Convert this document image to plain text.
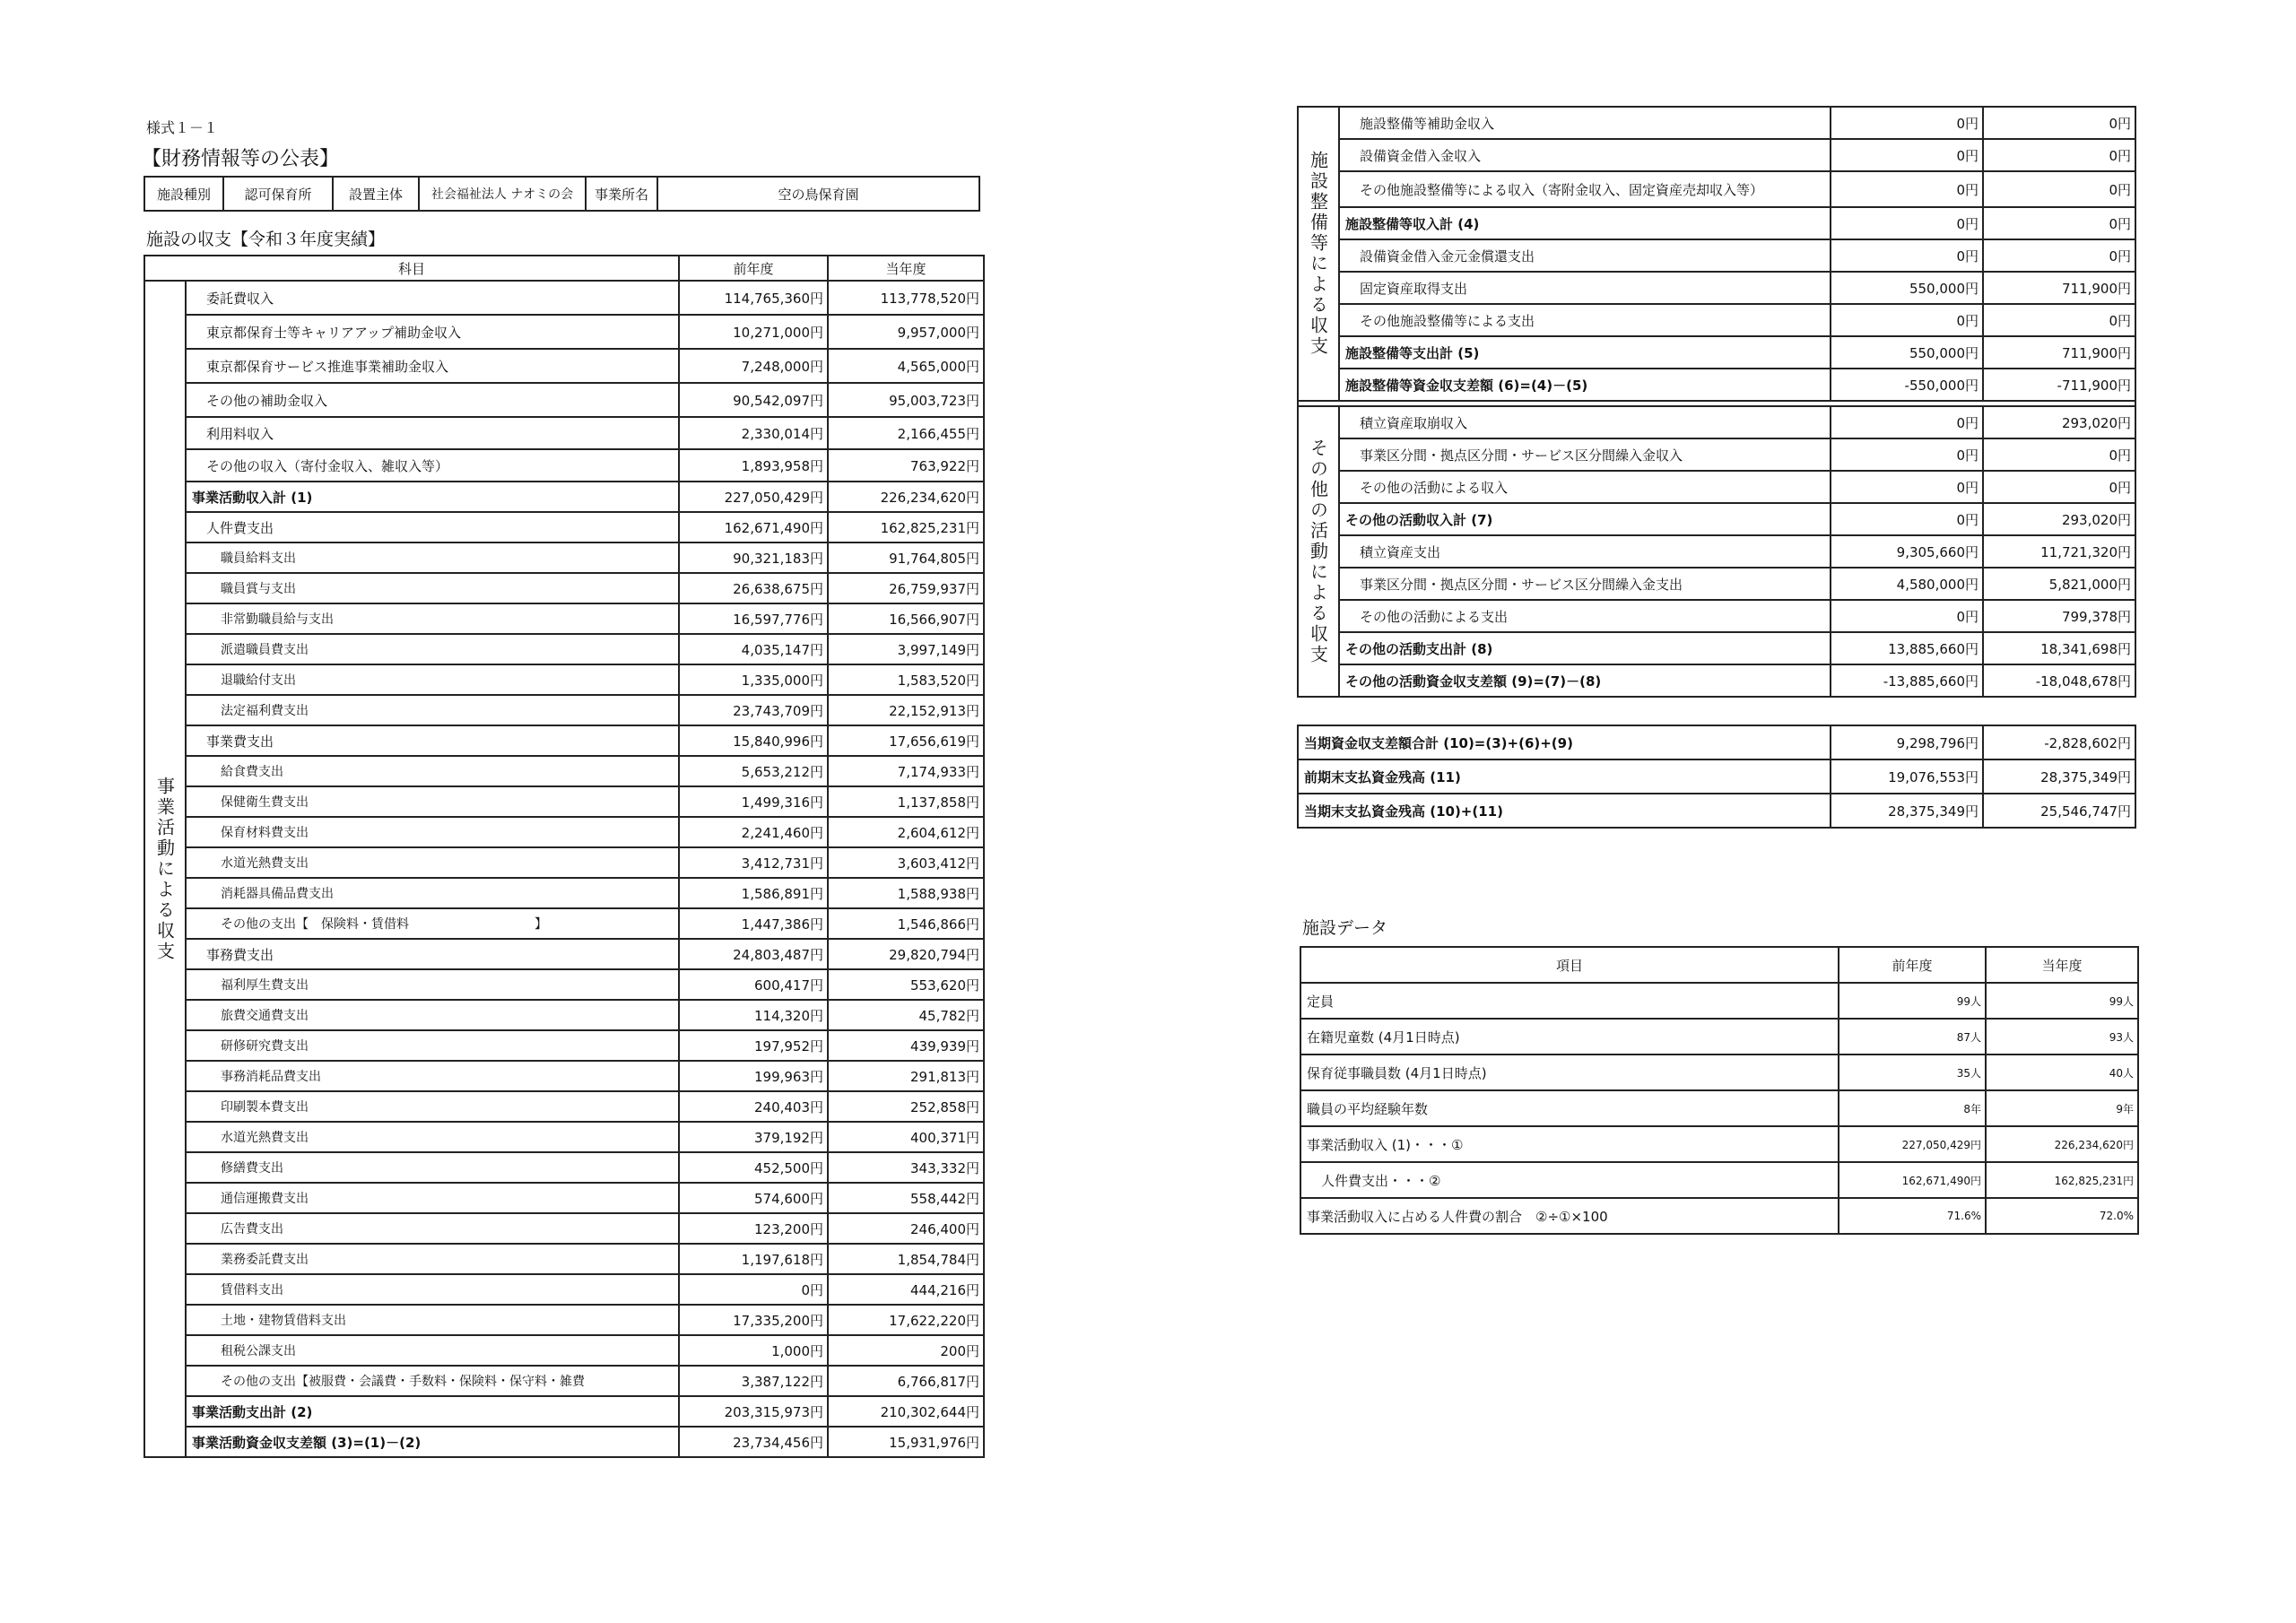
様式１－１
【財務情報等の公表】
施設種別	認可保育所	設置主体	社会福祉法人 ナオミの会	事業所名	空の鳥保育園
施設の収支【令和３年度実績】
科目		前年度	当年度
事業活動による収支	委託費収入	114,765,360円	113,778,520円
	東京都保育士等キャリアアップ補助金収入	10,271,000円	9,957,000円
	東京都保育サービス推進事業補助金収入	7,248,000円	4,565,000円
	その他の補助金収入	90,542,097円	95,003,723円
	利用料収入	2,330,014円	2,166,455円
	その他の収入（寄付金収入、雑収入等）	1,893,958円	763,922円
	事業活動収入計 (1)	227,050,429円	226,234,620円
	人件費支出	162,671,490円	162,825,231円
	職員給料支出	90,321,183円	91,764,805円
	職員賞与支出	26,638,675円	26,759,937円
	非常勤職員給与支出	16,597,776円	16,566,907円
	派遣職員費支出	4,035,147円	3,997,149円
	退職給付支出	1,335,000円	1,583,520円
	法定福利費支出	23,743,709円	22,152,913円
	事業費支出	15,840,996円	17,656,619円
	給食費支出	5,653,212円	7,174,933円
	保健衛生費支出	1,499,316円	1,137,858円
	保育材料費支出	2,241,460円	2,604,612円
	水道光熱費支出	3,412,731円	3,603,412円
	消耗器具備品費支出	1,586,891円	1,588,938円
	その他の支出【　保険料・賃借料　　　　　　　　　　】	1,447,386円	1,546,866円
	事務費支出	24,803,487円	29,820,794円
	福利厚生費支出	600,417円	553,620円
	旅費交通費支出	114,320円	45,782円
	研修研究費支出	197,952円	439,939円
	事務消耗品費支出	199,963円	291,813円
	印刷製本費支出	240,403円	252,858円
	水道光熱費支出	379,192円	400,371円
	修繕費支出	452,500円	343,332円
	通信運搬費支出	574,600円	558,442円
	広告費支出	123,200円	246,400円
	業務委託費支出	1,197,618円	1,854,784円
	賃借料支出	0円	444,216円
	土地・建物賃借料支出	17,335,200円	17,622,220円
	租税公課支出	1,000円	200円
	その他の支出【被服費・会議費・手数料・保険料・保守料・雑費	3,387,122円	6,766,817円
	事業活動支出計 (2)	203,315,973円	210,302,644円
	事業活動資金収支差額 (3)=(1)－(2)	23,734,456円	15,931,976円
施設整備等による収支	施設整備等補助金収入	0円	0円
	設備資金借入金収入	0円	0円
	その他施設整備等による収入（寄附金収入、固定資産売却収入等）	0円	0円
	施設整備等収入計 (4)	0円	0円
	設備資金借入金元金償還支出	0円	0円
	固定資産取得支出	550,000円	711,900円
	その他施設整備等による支出	0円	0円
	施設整備等支出計 (5)	550,000円	711,900円
	施設整備等資金収支差額 (6)=(4)－(5)	-550,000円	-711,900円

その他の活動による収支	積立資産取崩収入	0円	293,020円
	事業区分間・拠点区分間・サービス区分間繰入金収入	0円	0円
	その他の活動による収入	0円	0円
	その他の活動収入計 (7)	0円	293,020円
	積立資産支出	9,305,660円	11,721,320円
	事業区分間・拠点区分間・サービス区分間繰入金支出	4,580,000円	5,821,000円
	その他の活動による支出	0円	799,378円
	その他の活動支出計 (8)	13,885,660円	18,341,698円
	その他の活動資金収支差額 (9)=(7)－(8)	-13,885,660円	-18,048,678円
当期資金収支差額合計 (10)=(3)+(6)+(9)	9,298,796円	-2,828,602円
前期末支払資金残高 (11)	19,076,553円	28,375,349円
当期末支払資金残高 (10)+(11)	28,375,349円	25,546,747円
施設データ
項目	前年度	当年度
定員	99人	99人
在籍児童数 (4月1日時点)	87人	93人
保育従事職員数 (4月1日時点)	35人	40人
職員の平均経験年数	8年	9年
事業活動収入 (1)・・・①	227,050,429円	226,234,620円
人件費支出・・・②	162,671,490円	162,825,231円
事業活動収入に占める人件費の割合　②÷①×100	71.6%	72.0%
